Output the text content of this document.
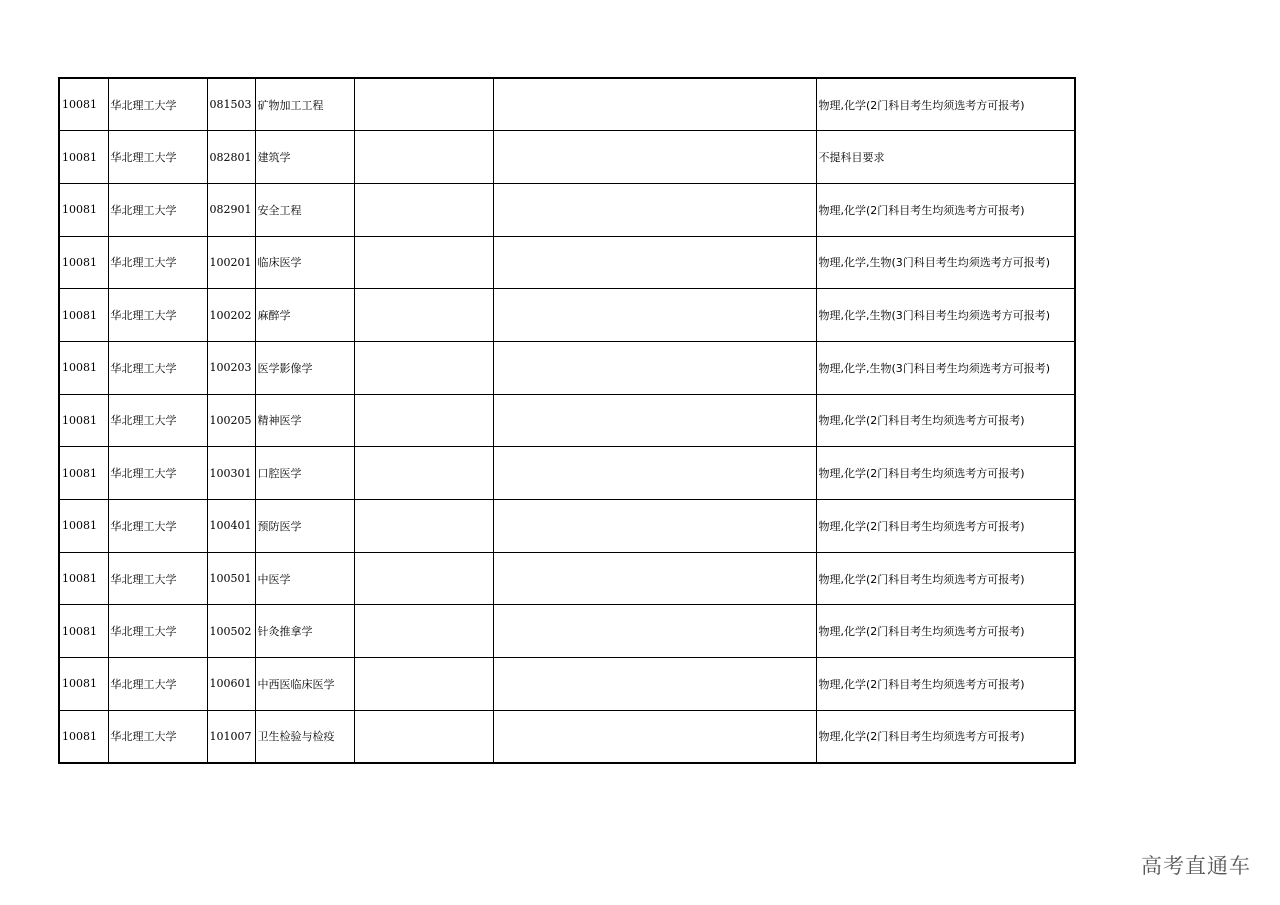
10081	华北理工大学	081503	矿物加工工程			物理,化学(2门科目考生均须选考方可报考)
10081	华北理工大学	082801	建筑学			不提科目要求
10081	华北理工大学	082901	安全工程			物理,化学(2门科目考生均须选考方可报考)
10081	华北理工大学	100201	临床医学			物理,化学,生物(3门科目考生均须选考方可报考)
10081	华北理工大学	100202	麻醉学			物理,化学,生物(3门科目考生均须选考方可报考)
10081	华北理工大学	100203	医学影像学			物理,化学,生物(3门科目考生均须选考方可报考)
10081	华北理工大学	100205	精神医学			物理,化学(2门科目考生均须选考方可报考)
10081	华北理工大学	100301	口腔医学			物理,化学(2门科目考生均须选考方可报考)
10081	华北理工大学	100401	预防医学			物理,化学(2门科目考生均须选考方可报考)
10081	华北理工大学	100501	中医学			物理,化学(2门科目考生均须选考方可报考)
10081	华北理工大学	100502	针灸推拿学			物理,化学(2门科目考生均须选考方可报考)
10081	华北理工大学	100601	中西医临床医学			物理,化学(2门科目考生均须选考方可报考)
10081	华北理工大学	101007	卫生检验与检疫			物理,化学(2门科目考生均须选考方可报考)
高考直通车
